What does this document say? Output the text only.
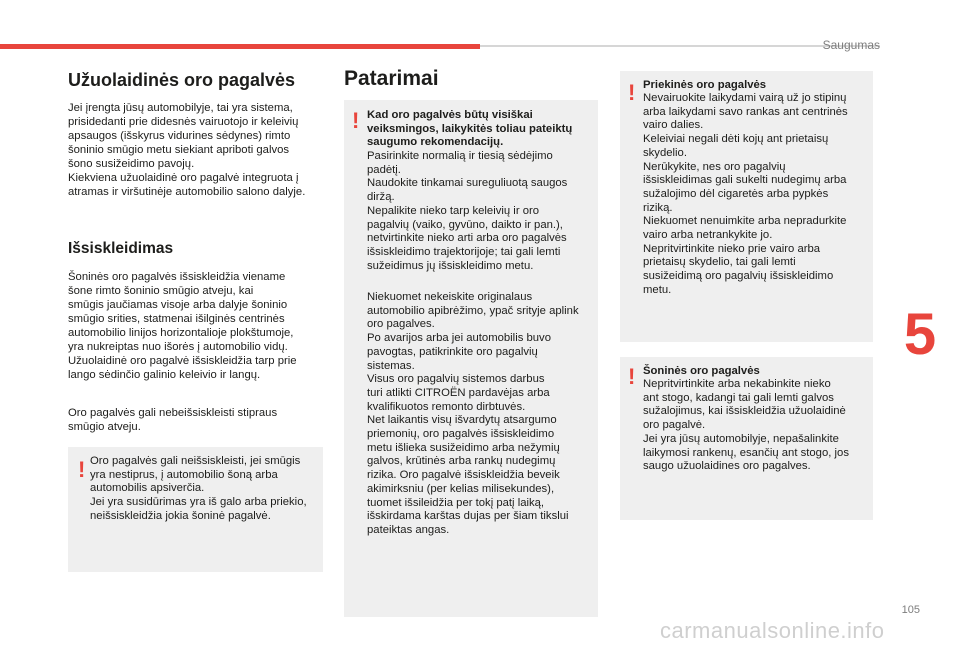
Saugumas
Užuolaidinės oro pagalvės
Jei įrengta jūsų automobilyje, tai yra sistema,
prisidedanti prie didesnės vairuotojo ir keleivių
apsaugos (išskyrus vidurines sėdynes) rimto
šoninio smūgio metu siekiant apriboti galvos
šono susižeidimo pavojų.
Kiekviena užuolaidinė oro pagalvė integruota į
atramas ir viršutinėje automobilio salono dalyje.
Išsiskleidimas
Šoninės oro pagalvės išsiskleidžia viename
šone rimto šoninio smūgio atveju, kai
smūgis jaučiamas visoje arba dalyje šoninio
smūgio srities, statmenai išilginės centrinės
automobilio linijos horizontalioje plokštumoje,
yra nukreiptas nuo išorės į automobilio vidų.
Užuolaidinė oro pagalvė išsiskleidžia tarp prie
lango sėdinčio galinio keleivio ir langų.
Oro pagalvės gali nebeišsiskleisti stipraus
smūgio atveju.
! Oro pagalvės gali neišsiskleisti, jei smūgis
yra nestiprus, į automobilio šoną arba
automobilis apsiverčia.
Jei yra susidūrimas yra iš galo arba priekio,
neišsiskleidžia jokia šoninė pagalvė.
Patarimai
! Kad oro pagalvės būtų visiškai
veiksmingos, laikykitės toliau pateiktų
saugumo rekomendacijų.
Pasirinkite normalią ir tiesią sėdėjimo
padėtį.
Naudokite tinkamai sureguliuotą saugos
diržą.
Nepalikite nieko tarp keleivių ir oro
pagalvių (vaiko, gyvūno, daikto ir pan.),
netvirtinkite nieko arti arba oro pagalvės
išsiskleidimo trajektorijoje; tai gali lemti
sužeidimus jų išsiskleidimo metu.
Niekuomet nekeiskite originalaus
automobilio apibrėžimo, ypač srityje aplink
oro pagalves.
Po avarijos arba jei automobilis buvo
pavogtas, patikrinkite oro pagalvių
sistemas.
Visus oro pagalvių sistemos darbus
turi atlikti CITROËN pardavėjas arba
kvalifikuotos remonto dirbtuvės.
Net laikantis visų išvardytų atsargumo
priemonių, oro pagalvės išsiskleidimo
metu išlieka susižeidimo arba nežymių
galvos, krūtinės arba rankų nudegimų
rizika. Oro pagalvė išsiskleidžia beveik
akimirksniu (per kelias milisekundes),
tuomet išsileidžia per tokį patį laiką,
išskirdama karštas dujas per šiam tikslui
pateiktas angas.
! Priekinės oro pagalvės
Nevairuokite laikydami vairą už jo stipinų
arba laikydami savo rankas ant centrinės
vairo dalies.
Keleiviai negali dėti kojų ant prietaisų
skydelio.
Nerūkykite, nes oro pagalvių
išsiskleidimas gali sukelti nudegimų arba
sužalojimo dėl cigaretės arba pypkės
riziką.
Niekuomet nenuimkite arba nepradurkite
vairo arba netrankykite jo.
Nepritvirtinkite nieko prie vairo arba
prietaisų skydelio, tai gali lemti
susižeidimą oro pagalvių išsiskleidimo
metu.
! Šoninės oro pagalvės
Nepritvirtinkite arba nekabinkite nieko
ant stogo, kadangi tai gali lemti galvos
sužalojimus, kai išsiskleidžia užuolaidinė
oro pagalvė.
Jei yra jūsų automobilyje, nepašalinkite
laikymosi rankenų, esančių ant stogo, jos
saugo užuolaidines oro pagalves.
5
105
carmanualsonline.info
